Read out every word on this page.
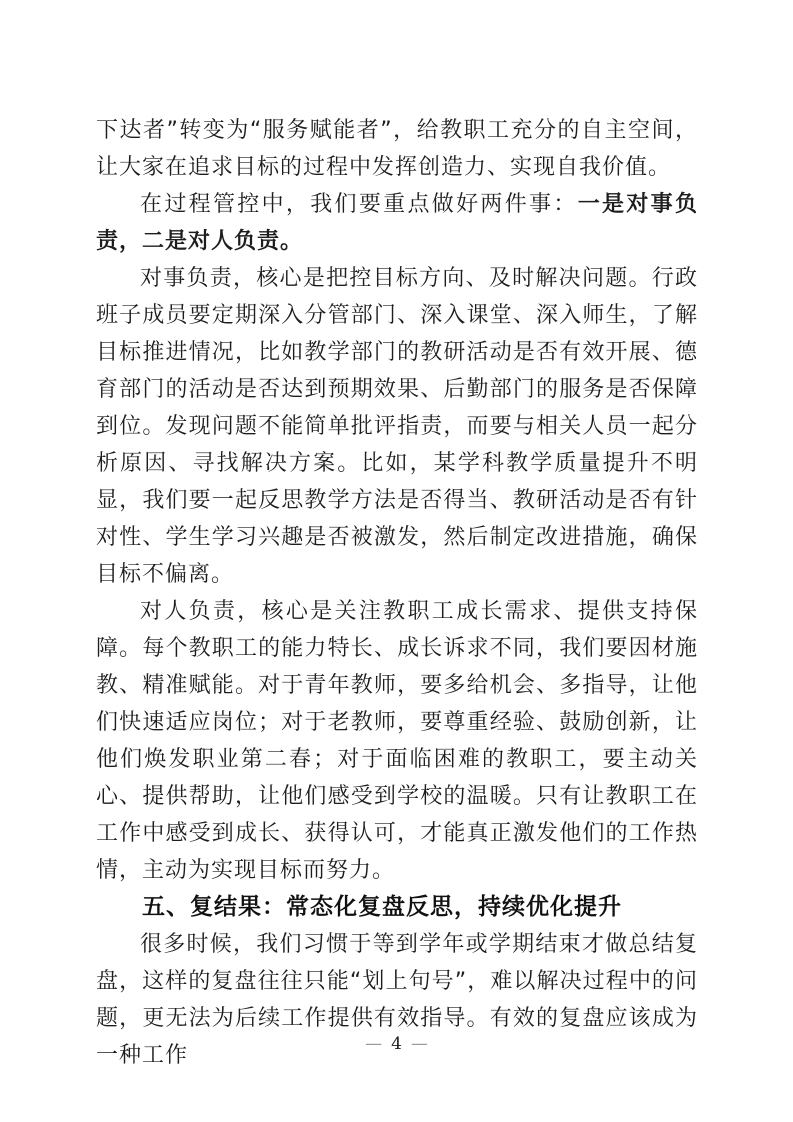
下达者”转变为“服务赋能者”，给教职工充分的自主空间，让大家在追求目标的过程中发挥创造力、实现自我价值。

在过程管控中，我们要重点做好两件事：一是对事负责，二是对人负责。

对事负责，核心是把控目标方向、及时解决问题。行政班子成员要定期深入分管部门、深入课堂、深入师生，了解目标推进情况，比如教学部门的教研活动是否有效开展、德育部门的活动是否达到预期效果、后勤部门的服务是否保障到位。发现问题不能简单批评指责，而要与相关人员一起分析原因、寻找解决方案。比如，某学科教学质量提升不明显，我们要一起反思教学方法是否得当、教研活动是否有针对性、学生学习兴趣是否被激发，然后制定改进措施，确保目标不偏离。

对人负责，核心是关注教职工成长需求、提供支持保障。每个教职工的能力特长、成长诉求不同，我们要因材施教、精准赋能。对于青年教师，要多给机会、多指导，让他们快速适应岗位；对于老教师，要尊重经验、鼓励创新，让他们焕发职业第二春；对于面临困难的教职工，要主动关心、提供帮助，让他们感受到学校的温暖。只有让教职工在工作中感受到成长、获得认可，才能真正激发他们的工作热情，主动为实现目标而努力。

五、复结果：常态化复盘反思，持续优化提升

很多时候，我们习惯于等到学年或学期结束才做总结复盘，这样的复盘往往只能“划上句号”，难以解决过程中的问题，更无法为后续工作提供有效指导。有效的复盘应该成为一种工作	— 4 —
